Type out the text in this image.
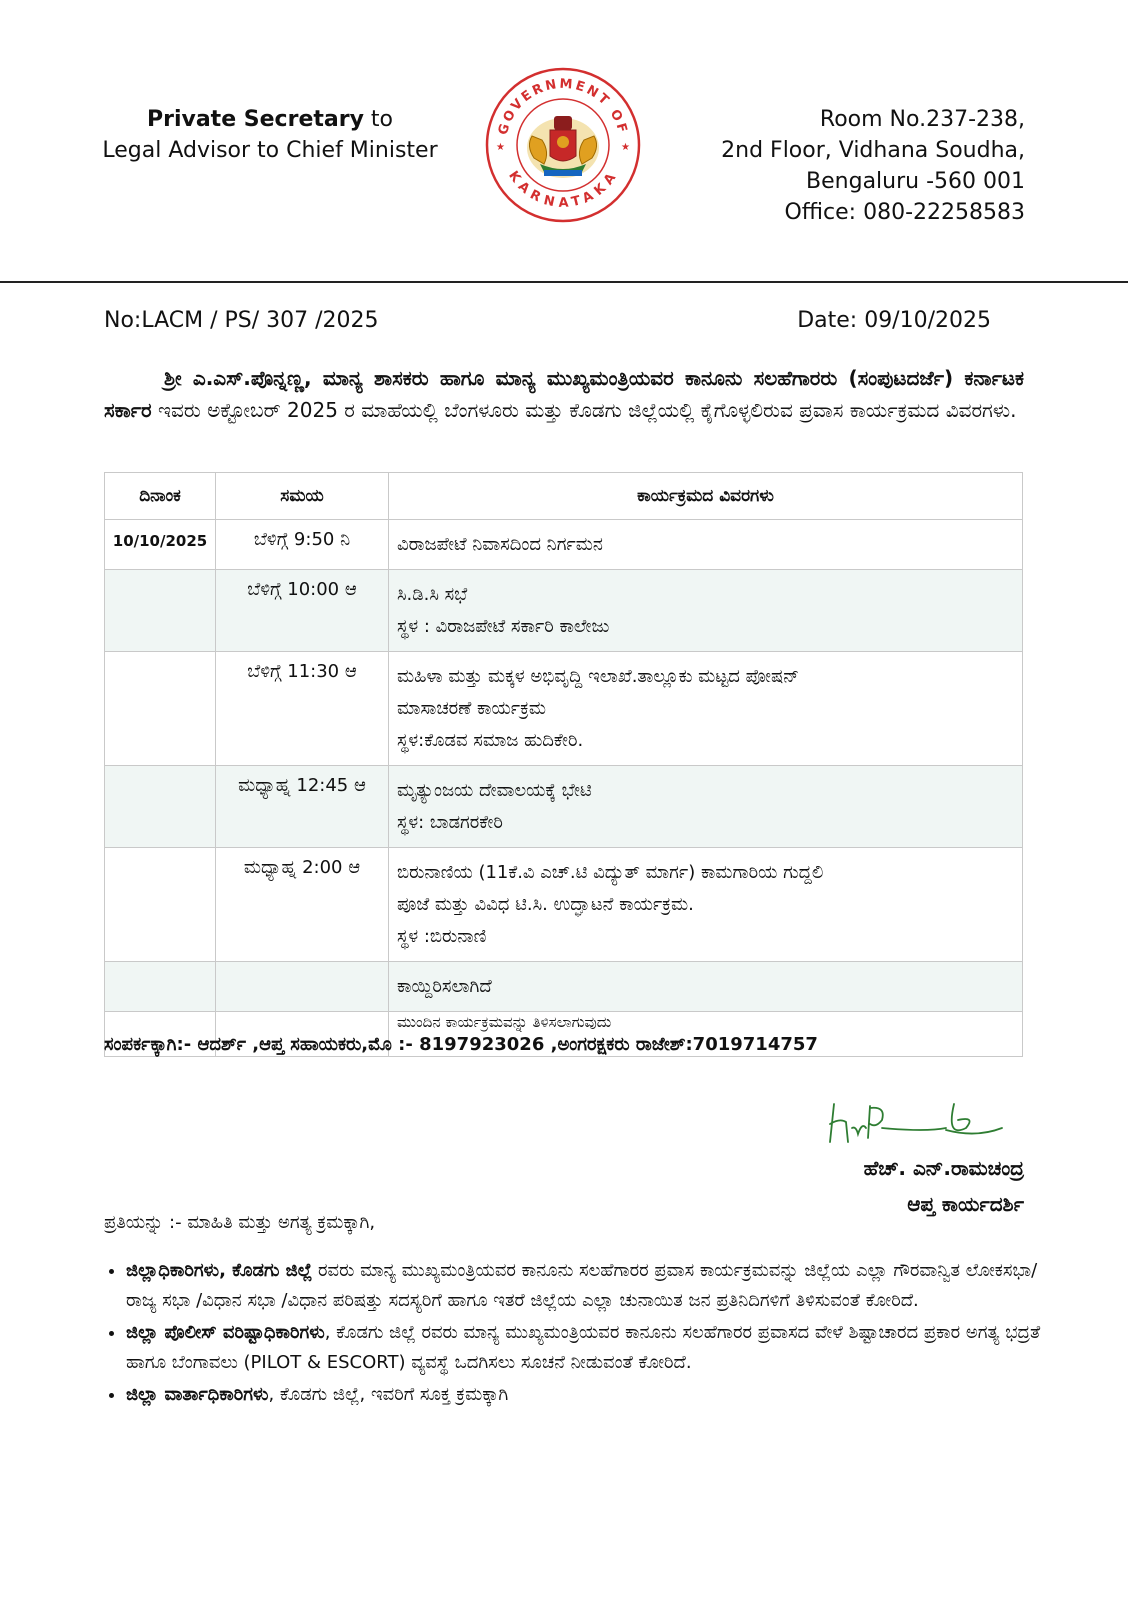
Private Secretary to
Legal Advisor to Chief Minister
GOVERNMENT OF
KARNATAKA
★	★
Room No.237-238,
2nd Floor, Vidhana Soudha,
Bengaluru -560 001
Office: 080-22258583
No:LACM / PS/ 307 /2025	Date: 09/10/2025
ಶ್ರೀ ಎ.ಎಸ್.ಪೊನ್ನಣ್ಣ, ಮಾನ್ಯ ಶಾಸಕರು ಹಾಗೂ ಮಾನ್ಯ ಮುಖ್ಯಮಂತ್ರಿಯವರ ಕಾನೂನು ಸಲಹೆಗಾರರು (ಸಂಪುಟದರ್ಜೆ) ಕರ್ನಾಟಕ ಸರ್ಕಾರ ಇವರು ಅಕ್ಟೋಬರ್ 2025 ರ ಮಾಹೆಯಲ್ಲಿ ಬೆಂಗಳೂರು ಮತ್ತು ಕೊಡಗು ಜಿಲ್ಲೆಯಲ್ಲಿ ಕೈಗೊಳ್ಳಲಿರುವ ಪ್ರವಾಸ ಕಾರ್ಯಕ್ರಮದ ವಿವರಗಳು.
ದಿನಾಂಕ	ಸಮಯ	ಕಾರ್ಯಕ್ರಮದ ವಿವರಗಳು
10/10/2025	ಬೆಳಿಗ್ಗೆ 9:50 ನಿ	ವಿರಾಜಪೇಟೆ ನಿವಾಸದಿಂದ ನಿರ್ಗಮನ

	ಬೆಳಿಗ್ಗೆ 10:00 ಆ	ಸಿ.ಡಿ.ಸಿ ಸಭೆ
ಸ್ಥಳ : ವಿರಾಜಪೇಟೆ ಸರ್ಕಾರಿ ಕಾಲೇಜು

	ಬೆಳಿಗ್ಗೆ 11:30 ಆ	ಮಹಿಳಾ ಮತ್ತು ಮಕ್ಕಳ ಅಭಿವೃದ್ದಿ ಇಲಾಖೆ.ತಾಲ್ಲೂಕು ಮಟ್ಟದ ಪೋಷನ್
ಮಾಸಾಚರಣೆ ಕಾರ್ಯಕ್ರಮ
ಸ್ಥಳ:ಕೊಡವ ಸಮಾಜ ಹುದಿಕೇರಿ.

	ಮಧ್ಯಾಹ್ನ 12:45 ಆ	ಮೃತ್ಯುಂಜಯ ದೇವಾಲಯಕ್ಕೆ ಭೇಟಿ
ಸ್ಥಳ: ಬಾಡಗರಕೇರಿ

	ಮಧ್ಯಾಹ್ನ 2:00 ಆ	ಬಿರುನಾಣಿಯ (11ಕೆ.ವಿ ಎಚ್.ಟಿ ವಿದ್ಯುತ್ ಮಾರ್ಗ) ಕಾಮಗಾರಿಯ ಗುದ್ದಲಿ
ಪೂಜೆ ಮತ್ತು ವಿವಿಧ ಟಿ.ಸಿ. ಉದ್ಘಾಟನೆ ಕಾರ್ಯಕ್ರಮ.
ಸ್ಥಳ :ಬಿರುನಾಣಿ

		ಕಾಯ್ದಿರಿಸಲಾಗಿದೆ

		ಮುಂದಿನ ಕಾರ್ಯಕ್ರಮವನ್ನು ತಿಳಿಸಲಾಗುವುದು
ಸಂಪರ್ಕಕ್ಕಾಗಿ:- ಆದರ್ಶ್ ,ಆಪ್ತ ಸಹಾಯಕರು,ಮೊ :- 8197923026 ,ಅಂಗರಕ್ಷಕರು ರಾಜೇಶ್:7019714757
ಹೆಚ್. ಎನ್.ರಾಮಚಂದ್ರ
ಆಪ್ತ ಕಾರ್ಯದರ್ಶಿ
ಪ್ರತಿಯನ್ನು :- ಮಾಹಿತಿ ಮತ್ತು ಅಗತ್ಯ ಕ್ರಮಕ್ಕಾಗಿ,
• ಜಿಲ್ಲಾಧಿಕಾರಿಗಳು, ಕೊಡಗು ಜಿಲ್ಲೆ ರವರು ಮಾನ್ಯ ಮುಖ್ಯಮಂತ್ರಿಯವರ ಕಾನೂನು ಸಲಹೆಗಾರರ ಪ್ರವಾಸ ಕಾರ್ಯಕ್ರಮವನ್ನು ಜಿಲ್ಲೆಯ ಎಲ್ಲಾ ಗೌರವಾನ್ವಿತ ಲೋಕಸಭಾ/ರಾಜ್ಯ ಸಭಾ /ವಿಧಾನ ಸಭಾ /ವಿಧಾನ ಪರಿಷತ್ತು ಸದಸ್ಯರಿಗೆ ಹಾಗೂ ಇತರೆ ಜಿಲ್ಲೆಯ ಎಲ್ಲಾ ಚುನಾಯಿತ ಜನ ಪ್ರತಿನಿದಿಗಳಿಗೆ ತಿಳಿಸುವಂತೆ ಕೋರಿದೆ.
• ಜಿಲ್ಲಾ ಪೊಲೀಸ್ ವರಿಷ್ಟಾಧಿಕಾರಿಗಳು, ಕೊಡಗು ಜಿಲ್ಲೆ ರವರು ಮಾನ್ಯ ಮುಖ್ಯಮಂತ್ರಿಯವರ ಕಾನೂನು ಸಲಹೆಗಾರರ ಪ್ರವಾಸದ ವೇಳೆ ಶಿಷ್ಟಾಚಾರದ ಪ್ರಕಾರ ಅಗತ್ಯ ಭದ್ರತೆ ಹಾಗೂ ಬೆಂಗಾವಲು (PILOT & ESCORT) ವ್ಯವಸ್ಥೆ ಒದಗಿಸಲು ಸೂಚನೆ ನೀಡುವಂತೆ ಕೋರಿದೆ.
• ಜಿಲ್ಲಾ ವಾರ್ತಾಧಿಕಾರಿಗಳು, ಕೊಡಗು ಜಿಲ್ಲೆ, ಇವರಿಗೆ ಸೂಕ್ತ ಕ್ರಮಕ್ಕಾಗಿ
